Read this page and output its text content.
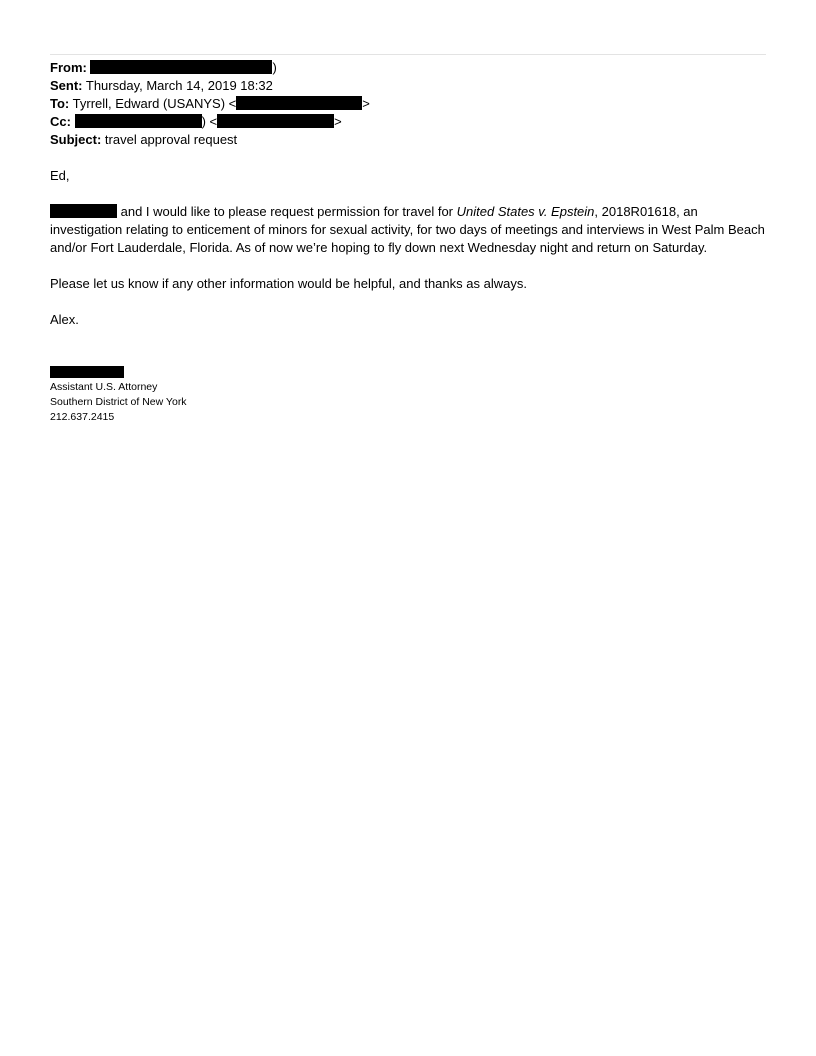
From:	)
Sent: Thursday, March 14, 2019 18:32
To: Tyrrell, Edward (USANYS) <	>
Cc:	) <	>
Subject: travel approval request

Ed,

and I would like to please request permission for travel for United States v. Epstein, 2018R01618, an investigation relating to enticement of minors for sexual activity, for two days of meetings and interviews in West Palm Beach and/or Fort Lauderdale, Florida. As of now we’re hoping to fly down next Wednesday night and return on Saturday.

Please let us know if any other information would be helpful, and thanks as always.

Alex.

Assistant U.S. Attorney
Southern District of New York
212.637.2415
